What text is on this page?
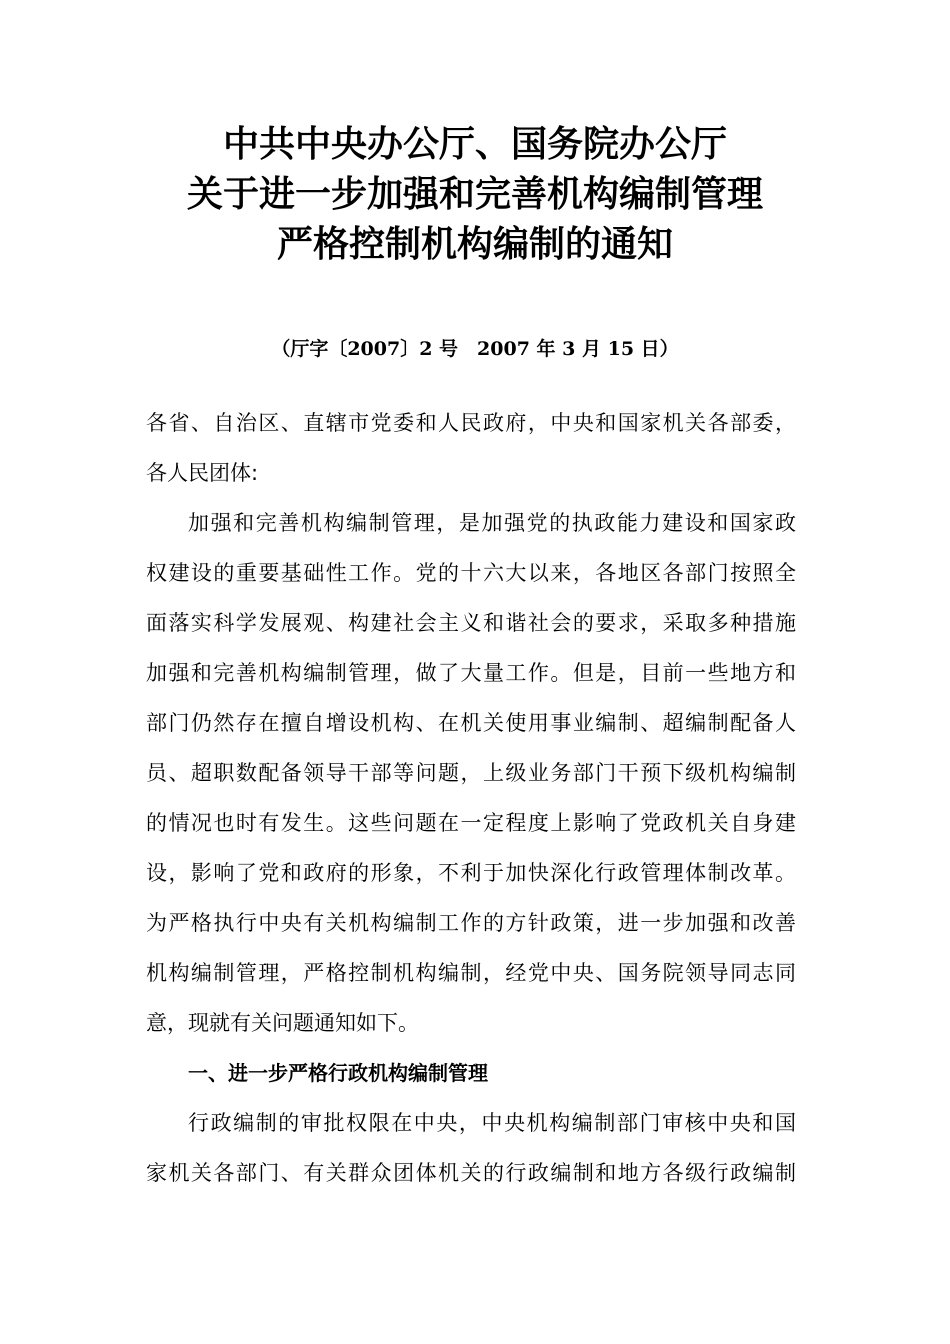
中共中央办公厅、国务院办公厅
关于进一步加强和完善机构编制管理
严格控制机构编制的通知
（厅字〔2007〕2 号　2007 年 3 月 15 日）
各省、自治区、直辖市党委和人民政府，中央和国家机关各部委，
各人民团体:
加强和完善机构编制管理，是加强党的执政能力建设和国家政
权建设的重要基础性工作。党的十六大以来，各地区各部门按照全
面落实科学发展观、构建社会主义和谐社会的要求，采取多种措施
加强和完善机构编制管理，做了大量工作。但是，目前一些地方和
部门仍然存在擅自增设机构、在机关使用事业编制、超编制配备人
员、超职数配备领导干部等问题，上级业务部门干预下级机构编制
的情况也时有发生。这些问题在一定程度上影响了党政机关自身建
设，影响了党和政府的形象，不利于加快深化行政管理体制改革。
为严格执行中央有关机构编制工作的方针政策，进一步加强和改善
机构编制管理，严格控制机构编制，经党中央、国务院领导同志同
意，现就有关问题通知如下。
一、进一步严格行政机构编制管理
行政编制的审批权限在中央，中央机构编制部门审核中央和国
家机关各部门、有关群众团体机关的行政编制和地方各级行政编制
